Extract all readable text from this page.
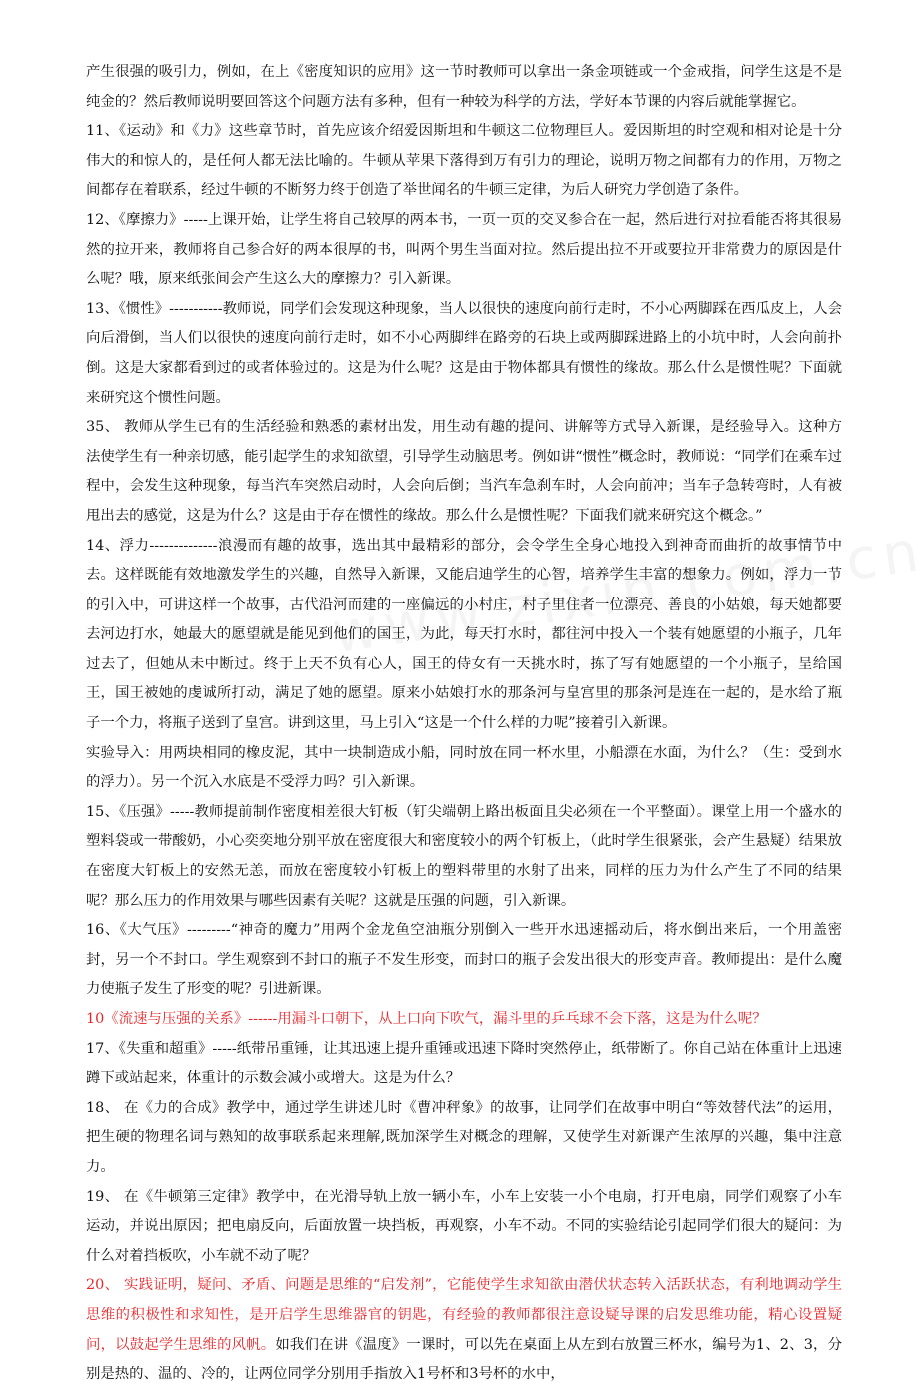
产生很强的吸引力，例如，在上《密度知识的应用》这一节时教师可以拿出一条金项链或一个金戒指，问学生这是不是纯金的？然后教师说明要回答这个问题方法有多种，但有一种较为科学的方法，学好本节课的内容后就能掌握它。

11、《运动》和《力》这些章节时，首先应该介绍爱因斯坦和牛顿这二位物理巨人。爱因斯坦的时空观和相对论是十分伟大的和惊人的，是任何人都无法比喻的。牛顿从苹果下落得到万有引力的理论，说明万物之间都有力的作用，万物之间都存在着联系，经过牛顿的不断努力终于创造了举世闻名的牛顿三定律，为后人研究力学创造了条件。

12、《摩擦力》-----上课开始，让学生将自己较厚的两本书，一页一页的交叉参合在一起，然后进行对拉看能否将其很易然的拉开来，教师将自己参合好的两本很厚的书，叫两个男生当面对拉。然后提出拉不开或要拉开非常费力的原因是什么呢？哦，原来纸张间会产生这么大的摩擦力？引入新课。

13、《惯性》-----------教师说，同学们会发现这种现象，当人以很快的速度向前行走时，不小心两脚踩在西瓜皮上，人会向后滑倒，当人们以很快的速度向前行走时，如不小心两脚绊在路旁的石块上或两脚踩进路上的小坑中时，人会向前扑倒。这是大家都看到过的或者体验过的。这是为什么呢？这是由于物体都具有惯性的缘故。那么什么是惯性呢？下面就来研究这个惯性问题。

35、 教师从学生已有的生活经验和熟悉的素材出发，用生动有趣的提问、讲解等方式导入新课，是经验导入。这种方法使学生有一种亲切感，能引起学生的求知欲望，引导学生动脑思考。例如讲“惯性”概念时，教师说：“同学们在乘车过程中，会发生这种现象，每当汽车突然启动时，人会向后倒；当汽车急刹车时，人会向前冲；当车子急转弯时，人有被甩出去的感觉，这是为什么？这是由于存在惯性的缘故。那么什么是惯性呢？下面我们就来研究这个概念。”

14、浮力--------------浪漫而有趣的故事，选出其中最精彩的部分，会令学生全身心地投入到神奇而曲折的故事情节中去。这样既能有效地激发学生的兴趣，自然导入新课，又能启迪学生的心智，培养学生丰富的想象力。例如，浮力一节的引入中，可讲这样一个故事，古代沿河而建的一座偏远的小村庄，村子里住者一位漂亮、善良的小姑娘，每天她都要去河边打水，她最大的愿望就是能见到他们的国王，为此，每天打水时，都往河中投入一个装有她愿望的小瓶子，几年过去了，但她从未中断过。终于上天不负有心人，国王的侍女有一天挑水时，拣了写有她愿望的一个小瓶子，呈给国王，国王被她的虔诚所打动，满足了她的愿望。原来小姑娘打水的那条河与皇宫里的那条河是连在一起的，是水给了瓶子一个力，将瓶子送到了皇宫。讲到这里，马上引入“这是一个什么样的力呢”接着引入新课。

实验导入：用两块相同的橡皮泥，其中一块制造成小船，同时放在同一杯水里，小船漂在水面，为什么？（生：受到水的浮力）。另一个沉入水底是不受浮力吗？引入新课。

15、《压强》-----教师提前制作密度相差很大钉板（钉尖端朝上路出板面且尖必须在一个平整面）。课堂上用一个盛水的塑料袋或一带酸奶，小心奕奕地分别平放在密度很大和密度较小的两个钉板上，（此时学生很紧张，会产生悬疑）结果放在密度大钉板上的安然无恙，而放在密度较小钉板上的塑料带里的水射了出来，同样的压力为什么产生了不同的结果呢？那么压力的作用效果与哪些因素有关呢？这就是压强的问题，引入新课。

16、《大气压》---------“神奇的魔力”用两个金龙鱼空油瓶分别倒入一些开水迅速摇动后，将水倒出来后，一个用盖密封，另一个不封口。学生观察到不封口的瓶子不发生形变，而封口的瓶子会发出很大的形变声音。教师提出：是什么魔力使瓶子发生了形变的呢？引进新课。

10《流速与压强的关系》------用漏斗口朝下，从上口向下吹气，漏斗里的乒乓球不会下落，这是为什么呢？

17、《失重和超重》-----纸带吊重锤，让其迅速上提升重锤或迅速下降时突然停止，纸带断了。你自己站在体重计上迅速蹲下或站起来，体重计的示数会减小或增大。这是为什么？

18、 在《力的合成》教学中，通过学生讲述儿时《曹冲秤象》的故事，让同学们在故事中明白“等效替代法”的运用，把生硬的物理名词与熟知的故事联系起来理解,既加深学生对概念的理解，又使学生对新课产生浓厚的兴趣，集中注意力。

19、 在《牛顿第三定律》教学中，在光滑导轨上放一辆小车，小车上安装一小个电扇，打开电扇，同学们观察了小车运动，并说出原因；把电扇反向，后面放置一块挡板，再观察，小车不动。不同的实验结论引起同学们很大的疑问：为什么对着挡板吹，小车就不动了呢？

20、 实践证明，疑问、矛盾、问题是思维的“启发剂”，它能使学生求知欲由潜伏状态转入活跃状态，有利地调动学生思维的积极性和求知性，是开启学生思维器官的钥匙，有经验的教师都很注意设疑导课的启发思维功能，精心设置疑问，以鼓起学生思维的风帆。如我们在讲《温度》一课时，可以先在桌面上从左到右放置三杯水，编号为1、2、3，分别是热的、温的、冷的，让两位同学分别用手指放入1号杯和3号杯的水中，
